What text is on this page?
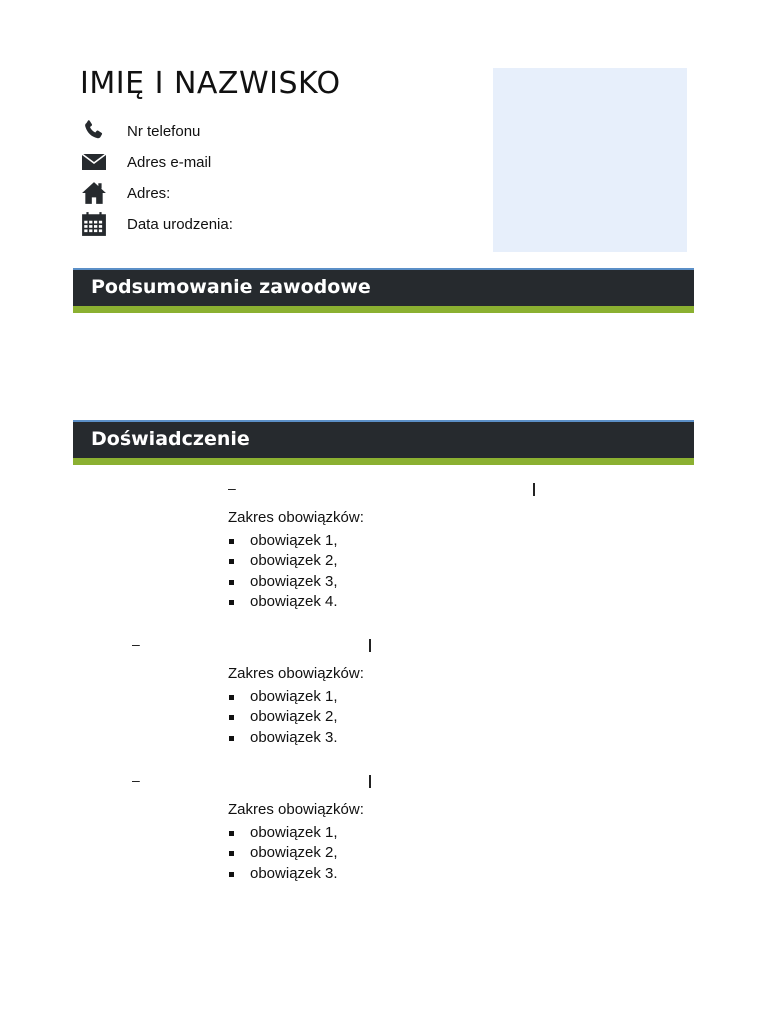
IMIĘ I NAZWISKO
Nr telefonu
Adres e-mail
Adres:
Data urodzenia:
Podsumowanie zawodowe
Doświadczenie
–
Zakres obowiązków:
obowiązek 1,
obowiązek 2,
obowiązek 3,
obowiązek 4.
–
Zakres obowiązków:
obowiązek 1,
obowiązek 2,
obowiązek 3.
–
Zakres obowiązków:
obowiązek 1,
obowiązek 2,
obowiązek 3.
